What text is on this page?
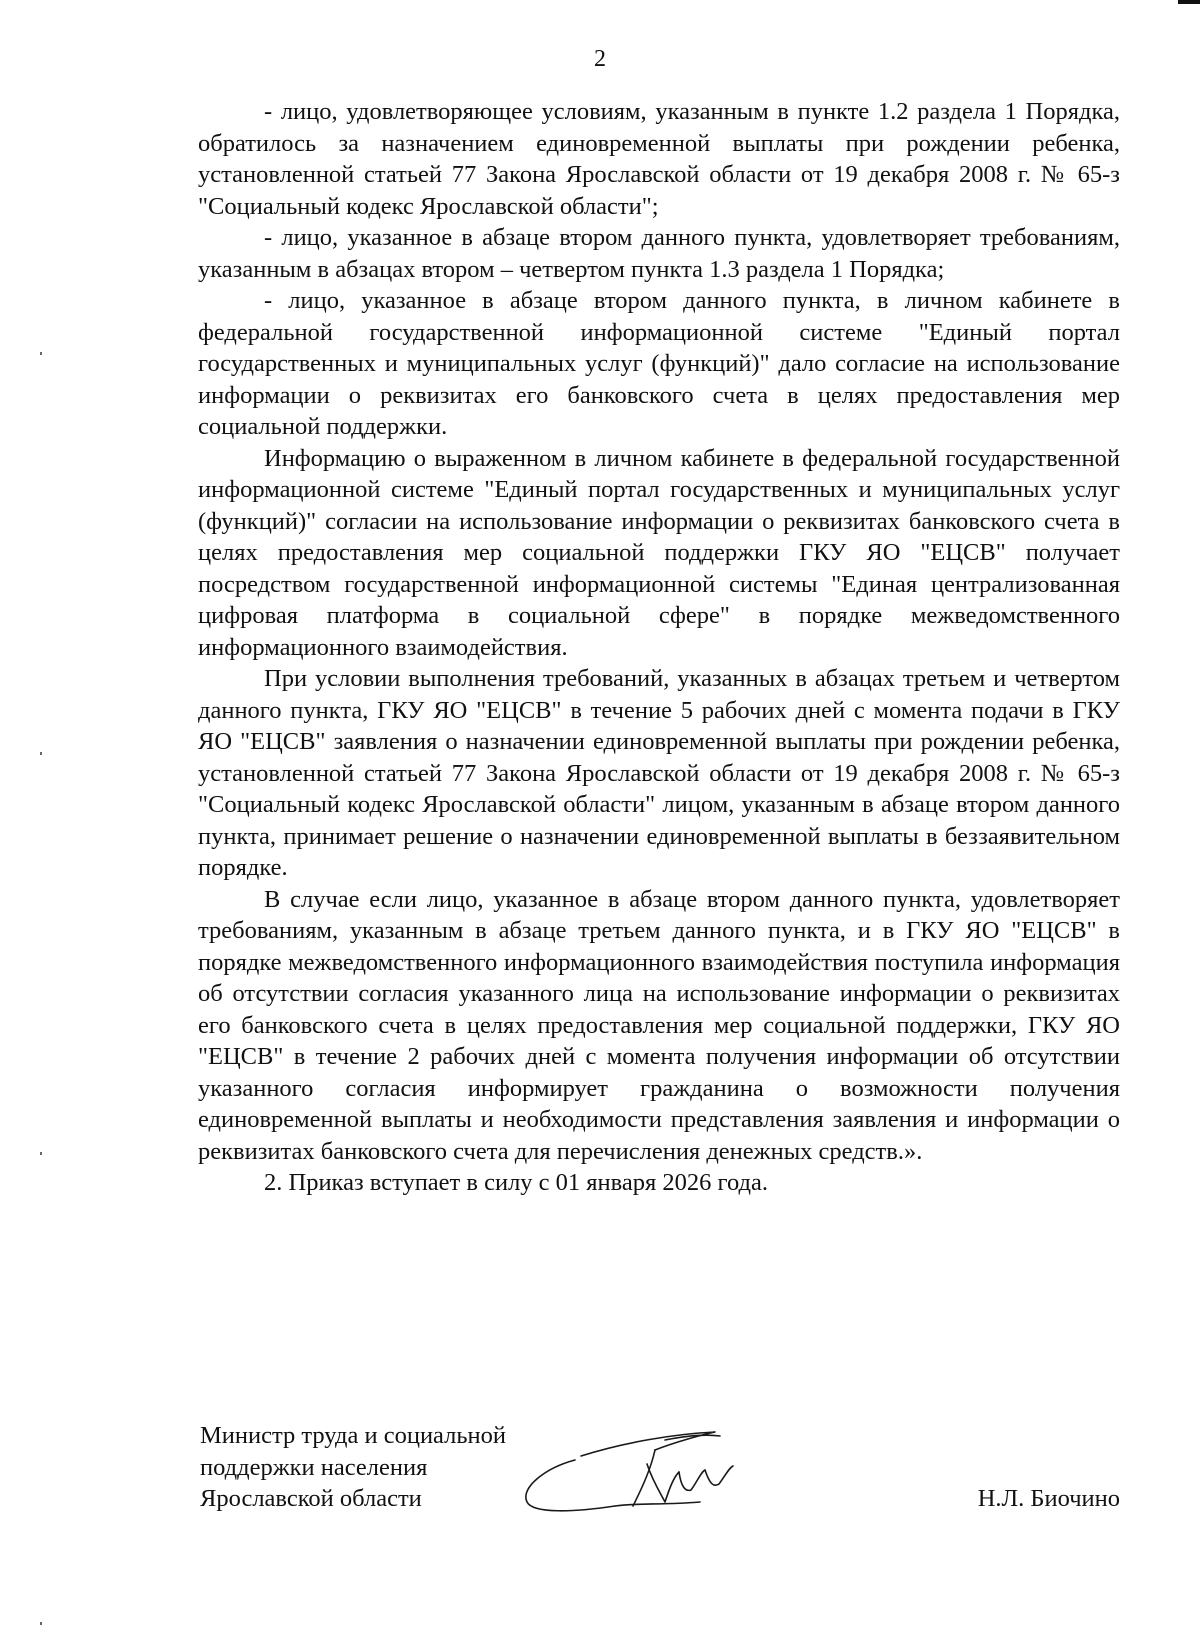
2

- лицо, удовлетворяющее условиям, указанным в пункте 1.2 раздела 1 Порядка, обратилось за назначением единовременной выплаты при рождении ребенка, установленной статьей 77 Закона Ярославской области от 19 декабря 2008 г. № 65-з "Социальный кодекс Ярославской области";

- лицо, указанное в абзаце втором данного пункта, удовлетворяет требованиям, указанным в абзацах втором – четвертом пункта 1.3 раздела 1 Порядка;

- лицо, указанное в абзаце втором данного пункта, в личном кабинете в федеральной государственной информационной системе "Единый портал государственных и муниципальных услуг (функций)" дало согласие на использование информации о реквизитах его банковского счета в целях предоставления мер социальной поддержки.

Информацию о выраженном в личном кабинете в федеральной государственной информационной системе "Единый портал государственных и муниципальных услуг (функций)" согласии на использование информации о реквизитах банковского счета в целях предоставления мер социальной поддержки ГКУ ЯО "ЕЦСВ" получает посредством государственной информационной системы "Единая централизованная цифровая платформа в социальной сфере" в порядке межведомственного информационного взаимодействия.

При условии выполнения требований, указанных в абзацах третьем и четвертом данного пункта, ГКУ ЯО "ЕЦСВ" в течение 5 рабочих дней с момента подачи в ГКУ ЯО "ЕЦСВ" заявления о назначении единовременной выплаты при рождении ребенка, установленной статьей 77 Закона Ярославской области от 19 декабря 2008 г. № 65-з "Социальный кодекс Ярославской области" лицом, указанным в абзаце втором данного пункта, принимает решение о назначении единовременной выплаты в беззаявительном порядке.

В случае если лицо, указанное в абзаце втором данного пункта, удовлетворяет требованиям, указанным в абзаце третьем данного пункта, и в ГКУ ЯО "ЕЦСВ" в порядке межведомственного информационного взаимодействия поступила информация об отсутствии согласия указанного лица на использование информации о реквизитах его банковского счета в целях предоставления мер социальной поддержки, ГКУ ЯО "ЕЦСВ" в течение 2 рабочих дней с момента получения информации об отсутствии указанного согласия информирует гражданина о возможности получения единовременной выплаты и необходимости представления заявления и информации о реквизитах банковского счета для перечисления денежных средств.».

2. Приказ вступает в силу с 01 января 2026 года.

Министр труда и социальной
поддержки населения
Ярославской области	Н.Л. Биочино
